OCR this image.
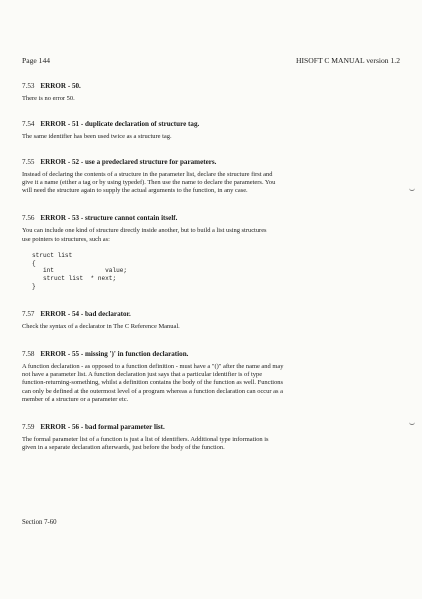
Page 144	HISOFT C MANUAL version 1.2
7.53 ERROR - 50.
There is no error 50.
7.54 ERROR - 51 - duplicate declaration of structure tag.
The same identifier has been used twice as a structure tag.
7.55 ERROR - 52 - use a predeclared structure for parameters.
Instead of declaring the contents of a structure in the parameter list, declare the structure first and
give it a name (either a tag or by using typedef). Then use the name to declare the parameters. You
will need the structure again to supply the actual arguments to the function, in any case.
7.56 ERROR - 53 - structure cannot contain itself.
You can include one kind of structure directly inside another, but to build a list using structures
use pointers to structures, such as:
struct list
{
int              value;
struct list  * next;
}
7.57 ERROR - 54 - bad declarator.
Check the syntax of a declarator in The C Reference Manual.
7.58 ERROR - 55 - missing ')' in function declaration.
A function declaration - as opposed to a function definition - must have a "()" after the name and may
not have a parameter list. A function declaration just says that a particular identifier is of type
function-returning-something, whilst a definition contains the body of the function as well. Functions
can only be defined at the outermost level of a program whereas a function declaration can occur as a
member of a structure or a parameter etc.
7.59 ERROR - 56 - bad formal parameter list.
The formal parameter list of a function is just a list of identifiers. Additional type information is
given in a separate declaration afterwards, just before the body of the function.
Section 7-60
